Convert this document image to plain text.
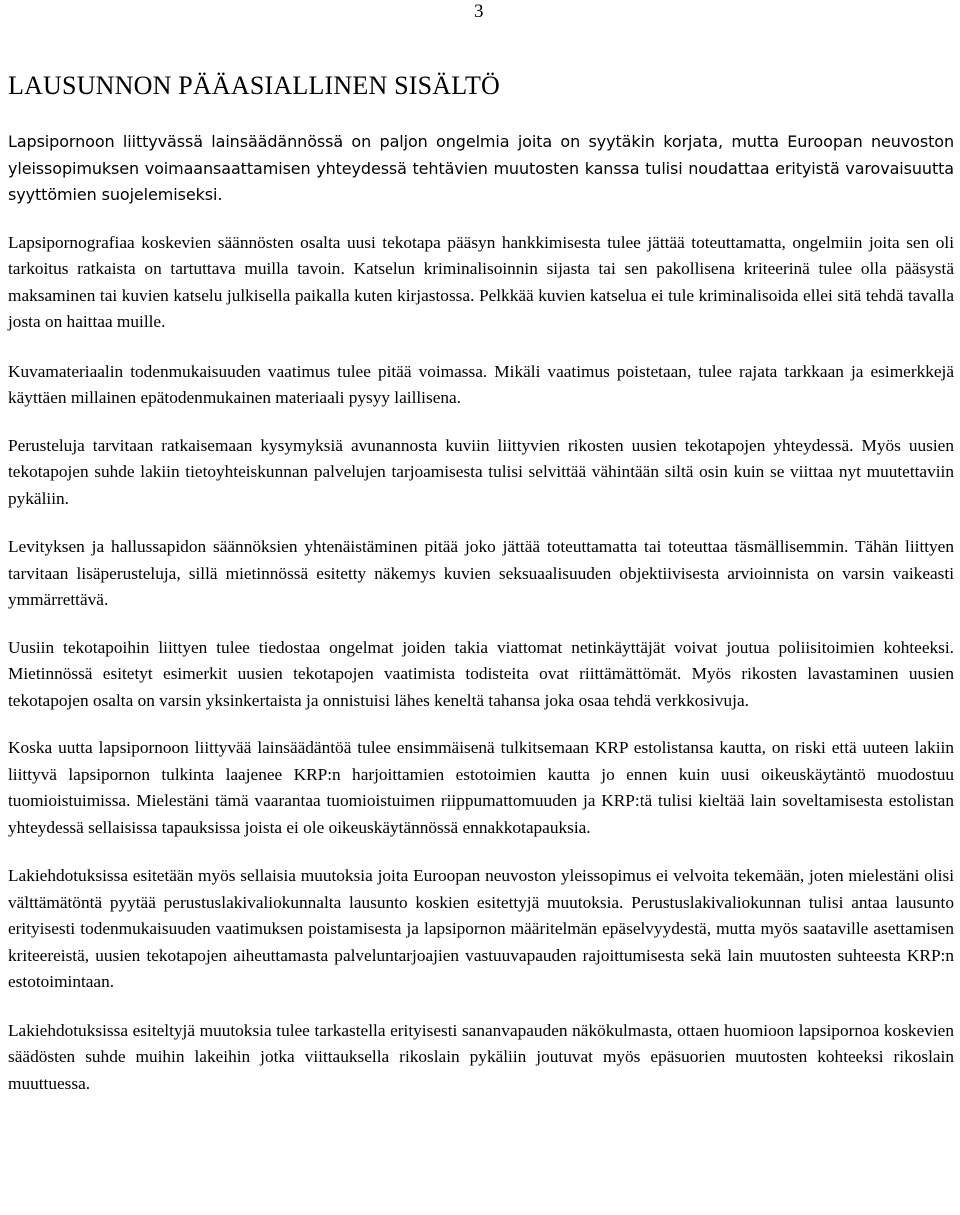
3
LAUSUNNON PÄÄASIALLINEN SISÄLTÖ

Lapsipornoon liittyvässä lainsäädännössä on paljon ongelmia joita on syytäkin korjata, mutta Euroopan neuvoston yleissopimuksen voimaansaattamisen yhteydessä tehtävien muutosten kanssa tulisi noudattaa erityistä varovaisuutta syyttömien suojelemiseksi.

Lapsipornografiaa koskevien säännösten osalta uusi tekotapa pääsyn hankkimisesta tulee jättää toteuttamatta, ongelmiin joita sen oli tarkoitus ratkaista on tartuttava muilla tavoin. Katselun kriminalisoinnin sijasta tai sen pakollisena kriteerinä tulee olla pääsystä maksaminen tai kuvien katselu julkisella paikalla kuten kirjastossa. Pelkkää kuvien katselua ei tule kriminalisoida ellei sitä tehdä tavalla josta on haittaa muille.

Kuvamateriaalin todenmukaisuuden vaatimus tulee pitää voimassa. Mikäli vaatimus poistetaan, tulee rajata tarkkaan ja esimerkkejä käyttäen millainen epätodenmukainen materiaali pysyy laillisena.

Perusteluja tarvitaan ratkaisemaan kysymyksiä avunannosta kuviin liittyvien rikosten uusien tekotapojen yhteydessä. Myös uusien tekotapojen suhde lakiin tietoyhteiskunnan palvelujen tarjoamisesta tulisi selvittää vähintään siltä osin kuin se viittaa nyt muutettaviin pykäliin.

Levityksen ja hallussapidon säännöksien yhtenäistäminen pitää joko jättää toteuttamatta tai toteuttaa täsmällisemmin. Tähän liittyen tarvitaan lisäperusteluja, sillä mietinnössä esitetty näkemys kuvien seksuaalisuuden objektiivisesta arvioinnista on varsin vaikeasti ymmärrettävä.

Uusiin tekotapoihin liittyen tulee tiedostaa ongelmat joiden takia viattomat netinkäyttäjät voivat joutua poliisitoimien kohteeksi. Mietinnössä esitetyt esimerkit uusien tekotapojen vaatimista todisteita ovat riittämättömät. Myös rikosten lavastaminen uusien tekotapojen osalta on varsin yksinkertaista ja onnistuisi lähes keneltä tahansa joka osaa tehdä verkkosivuja.

Koska uutta lapsipornoon liittyvää lainsäädäntöä tulee ensimmäisenä tulkitsemaan KRP estolistansa kautta, on riski että uuteen lakiin liittyvä lapsipornon tulkinta laajenee KRP:n harjoittamien estotoimien kautta jo ennen kuin uusi oikeuskäytäntö muodostuu tuomioistuimissa. Mielestäni tämä vaarantaa tuomioistuimen riippumattomuuden ja KRP:tä tulisi kieltää lain soveltamisesta estolistan yhteydessä sellaisissa tapauksissa joista ei ole oikeuskäytännössä ennakkotapauksia.

Lakiehdotuksissa esitetään myös sellaisia muutoksia joita Euroopan neuvoston yleissopimus ei velvoita tekemään, joten mielestäni olisi välttämätöntä pyytää perustuslakivaliokunnalta lausunto koskien esitettyjä muutoksia. Perustuslakivaliokunnan tulisi antaa lausunto erityisesti todenmukaisuuden vaatimuksen poistamisesta ja lapsipornon määritelmän epäselvyydestä, mutta myös saataville asettamisen kriteereistä, uusien tekotapojen aiheuttamasta palveluntarjoajien vastuuvapauden rajoittumisesta sekä lain muutosten suhteesta KRP:n estotoimintaan.

Lakiehdotuksissa esiteltyjä muutoksia tulee tarkastella erityisesti sananvapauden näkökulmasta, ottaen huomioon lapsipornoa koskevien säädösten suhde muihin lakeihin jotka viittauksella rikoslain pykäliin joutuvat myös epäsuorien muutosten kohteeksi rikoslain muuttuessa.
